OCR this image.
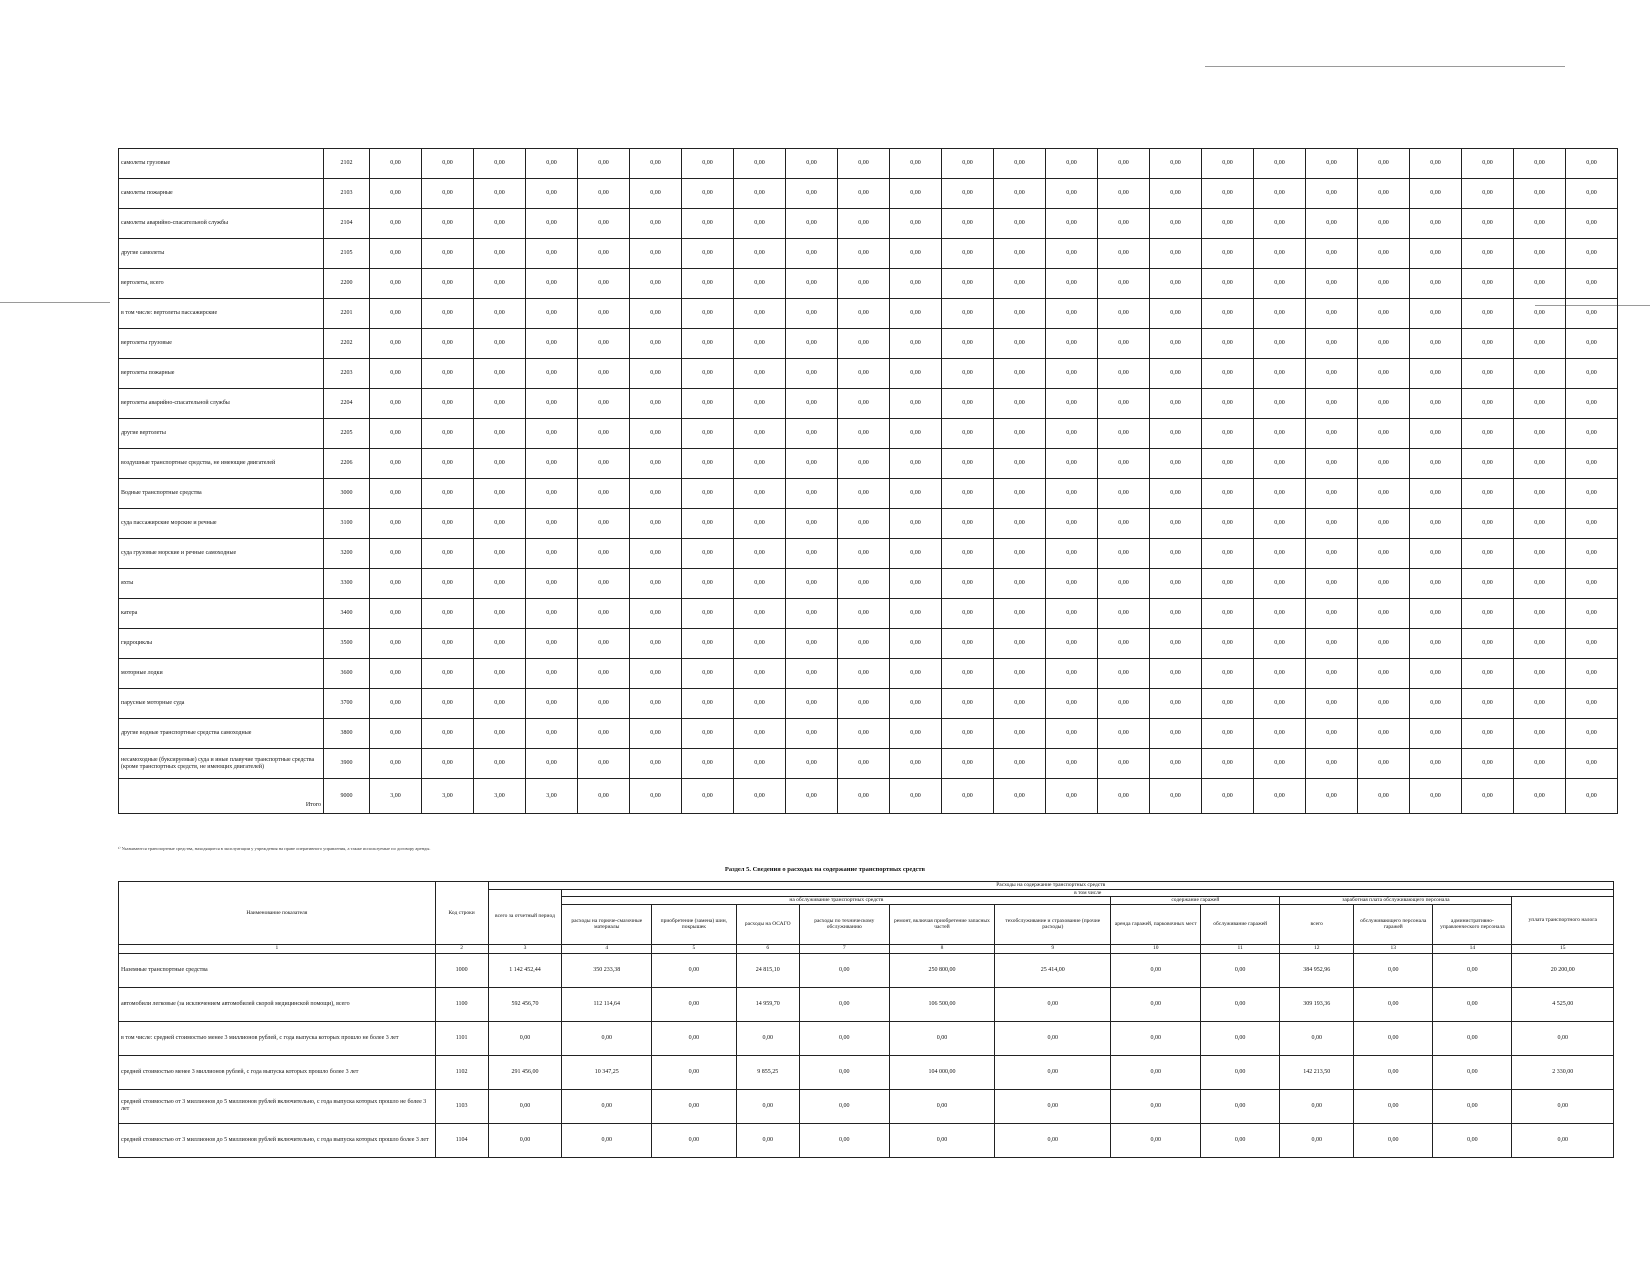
самолеты грузовые	2102	0,00	0,00	0,00	0,00	0,00	0,00	0,00	0,00	0,00	0,00	0,00	0,00	0,00	0,00	0,00	0,00	0,00	0,00	0,00	0,00	0,00	0,00	0,00	0,00
самолеты пожарные	2103	0,00	0,00	0,00	0,00	0,00	0,00	0,00	0,00	0,00	0,00	0,00	0,00	0,00	0,00	0,00	0,00	0,00	0,00	0,00	0,00	0,00	0,00	0,00	0,00
самолеты аварийно-спасательной службы	2104	0,00	0,00	0,00	0,00	0,00	0,00	0,00	0,00	0,00	0,00	0,00	0,00	0,00	0,00	0,00	0,00	0,00	0,00	0,00	0,00	0,00	0,00	0,00	0,00
другие самолеты	2105	0,00	0,00	0,00	0,00	0,00	0,00	0,00	0,00	0,00	0,00	0,00	0,00	0,00	0,00	0,00	0,00	0,00	0,00	0,00	0,00	0,00	0,00	0,00	0,00
вертолеты, всего	2200	0,00	0,00	0,00	0,00	0,00	0,00	0,00	0,00	0,00	0,00	0,00	0,00	0,00	0,00	0,00	0,00	0,00	0,00	0,00	0,00	0,00	0,00	0,00	0,00
в том числе: вертолеты пассажирские	2201	0,00	0,00	0,00	0,00	0,00	0,00	0,00	0,00	0,00	0,00	0,00	0,00	0,00	0,00	0,00	0,00	0,00	0,00	0,00	0,00	0,00	0,00	0,00	0,00
вертолеты грузовые	2202	0,00	0,00	0,00	0,00	0,00	0,00	0,00	0,00	0,00	0,00	0,00	0,00	0,00	0,00	0,00	0,00	0,00	0,00	0,00	0,00	0,00	0,00	0,00	0,00
вертолеты пожарные	2203	0,00	0,00	0,00	0,00	0,00	0,00	0,00	0,00	0,00	0,00	0,00	0,00	0,00	0,00	0,00	0,00	0,00	0,00	0,00	0,00	0,00	0,00	0,00	0,00
вертолеты аварийно-спасательной службы	2204	0,00	0,00	0,00	0,00	0,00	0,00	0,00	0,00	0,00	0,00	0,00	0,00	0,00	0,00	0,00	0,00	0,00	0,00	0,00	0,00	0,00	0,00	0,00	0,00
другие вертолеты	2205	0,00	0,00	0,00	0,00	0,00	0,00	0,00	0,00	0,00	0,00	0,00	0,00	0,00	0,00	0,00	0,00	0,00	0,00	0,00	0,00	0,00	0,00	0,00	0,00
воздушные транспортные средства, не имеющие двигателей	2206	0,00	0,00	0,00	0,00	0,00	0,00	0,00	0,00	0,00	0,00	0,00	0,00	0,00	0,00	0,00	0,00	0,00	0,00	0,00	0,00	0,00	0,00	0,00	0,00
Водные транспортные средства	3000	0,00	0,00	0,00	0,00	0,00	0,00	0,00	0,00	0,00	0,00	0,00	0,00	0,00	0,00	0,00	0,00	0,00	0,00	0,00	0,00	0,00	0,00	0,00	0,00
суда пассажирские морские и речные	3100	0,00	0,00	0,00	0,00	0,00	0,00	0,00	0,00	0,00	0,00	0,00	0,00	0,00	0,00	0,00	0,00	0,00	0,00	0,00	0,00	0,00	0,00	0,00	0,00
суда грузовые морские и речные самоходные	3200	0,00	0,00	0,00	0,00	0,00	0,00	0,00	0,00	0,00	0,00	0,00	0,00	0,00	0,00	0,00	0,00	0,00	0,00	0,00	0,00	0,00	0,00	0,00	0,00
яхты	3300	0,00	0,00	0,00	0,00	0,00	0,00	0,00	0,00	0,00	0,00	0,00	0,00	0,00	0,00	0,00	0,00	0,00	0,00	0,00	0,00	0,00	0,00	0,00	0,00
катера	3400	0,00	0,00	0,00	0,00	0,00	0,00	0,00	0,00	0,00	0,00	0,00	0,00	0,00	0,00	0,00	0,00	0,00	0,00	0,00	0,00	0,00	0,00	0,00	0,00
гидроциклы	3500	0,00	0,00	0,00	0,00	0,00	0,00	0,00	0,00	0,00	0,00	0,00	0,00	0,00	0,00	0,00	0,00	0,00	0,00	0,00	0,00	0,00	0,00	0,00	0,00
моторные лодки	3600	0,00	0,00	0,00	0,00	0,00	0,00	0,00	0,00	0,00	0,00	0,00	0,00	0,00	0,00	0,00	0,00	0,00	0,00	0,00	0,00	0,00	0,00	0,00	0,00
парусные моторные суда	3700	0,00	0,00	0,00	0,00	0,00	0,00	0,00	0,00	0,00	0,00	0,00	0,00	0,00	0,00	0,00	0,00	0,00	0,00	0,00	0,00	0,00	0,00	0,00	0,00
другие водные транспортные средства самоходные	3800	0,00	0,00	0,00	0,00	0,00	0,00	0,00	0,00	0,00	0,00	0,00	0,00	0,00	0,00	0,00	0,00	0,00	0,00	0,00	0,00	0,00	0,00	0,00	0,00
несамоходные (буксируемые) суда и иные плавучие транспортные средства (кроме транспортных средств, не имеющих двигателей)	3900	0,00	0,00	0,00	0,00	0,00	0,00	0,00	0,00	0,00	0,00	0,00	0,00	0,00	0,00	0,00	0,00	0,00	0,00	0,00	0,00	0,00	0,00	0,00	0,00

Итого	9000	3,00	3,00	3,00	3,00	0,00	0,00	0,00	0,00	0,00	0,00	0,00	0,00	0,00	0,00	0,00	0,00	0,00	0,00	0,00	0,00	0,00	0,00	0,00	0,00
¹⁾ Указываются транспортные средства, находящиеся в эксплуатации у учреждения на праве оперативного управления, а также используемые по договору аренды.
Раздел 5. Сведения о расходах на содержание транспортных средств
Наименование показателя	Код строки	Расходы на содержание транспортных средств												
		всего за отчетный период	в том числе											
			на обслуживание транспортных средств						содержание гаражей		заработная плата обслуживающего персонала			уплата транспортного налога
			расходы на горюче-смазочные материалы	приобретение (замена) шин, покрышек	расходы на ОСАГО	расходы по техническому обслуживанию	ремонт, включая приобретение запасных частей	техобслуживание и страхование (прочие расходы)	аренда гаражей, парковочных мест	обслуживание гаражей	всего	обслуживающего персонала гаражей	административно-управленческого персонала	
1	2	3	4	5	6	7	8	9	10	11	12	13	14	15
Наземные транспортные средства	1000	1 142 452,44	350 233,38	0,00	24 815,10	0,00	250 800,00	25 414,00	0,00	0,00	384 952,96	0,00	0,00	20 200,00
автомобили легковые (за исключением автомобилей скорой медицинской помощи), всего	1100	592 456,70	112 114,64	0,00	14 959,70	0,00	106 500,00	0,00	0,00	0,00	309 193,36	0,00	0,00	4 525,00
в том числе: средней стоимостью менее 3 миллионов рублей, с года выпуска которых прошло не более 3 лет	1101	0,00	0,00	0,00	0,00	0,00	0,00	0,00	0,00	0,00	0,00	0,00	0,00	0,00
средней стоимостью менее 3 миллионов рублей, с года выпуска которых прошло более 3 лет	1102	291 456,00	10 347,25	0,00	9 855,25	0,00	104 000,00	0,00	0,00	0,00	142 213,50	0,00	0,00	2 330,00
средней стоимостью от 3 миллионов до 5 миллионов рублей включительно, с года выпуска которых прошло не более 3 лет	1103	0,00	0,00	0,00	0,00	0,00	0,00	0,00	0,00	0,00	0,00	0,00	0,00	0,00
средней стоимостью от 3 миллионов до 5 миллионов рублей включительно, с года выпуска которых прошло более 3 лет	1104	0,00	0,00	0,00	0,00	0,00	0,00	0,00	0,00	0,00	0,00	0,00	0,00	0,00
